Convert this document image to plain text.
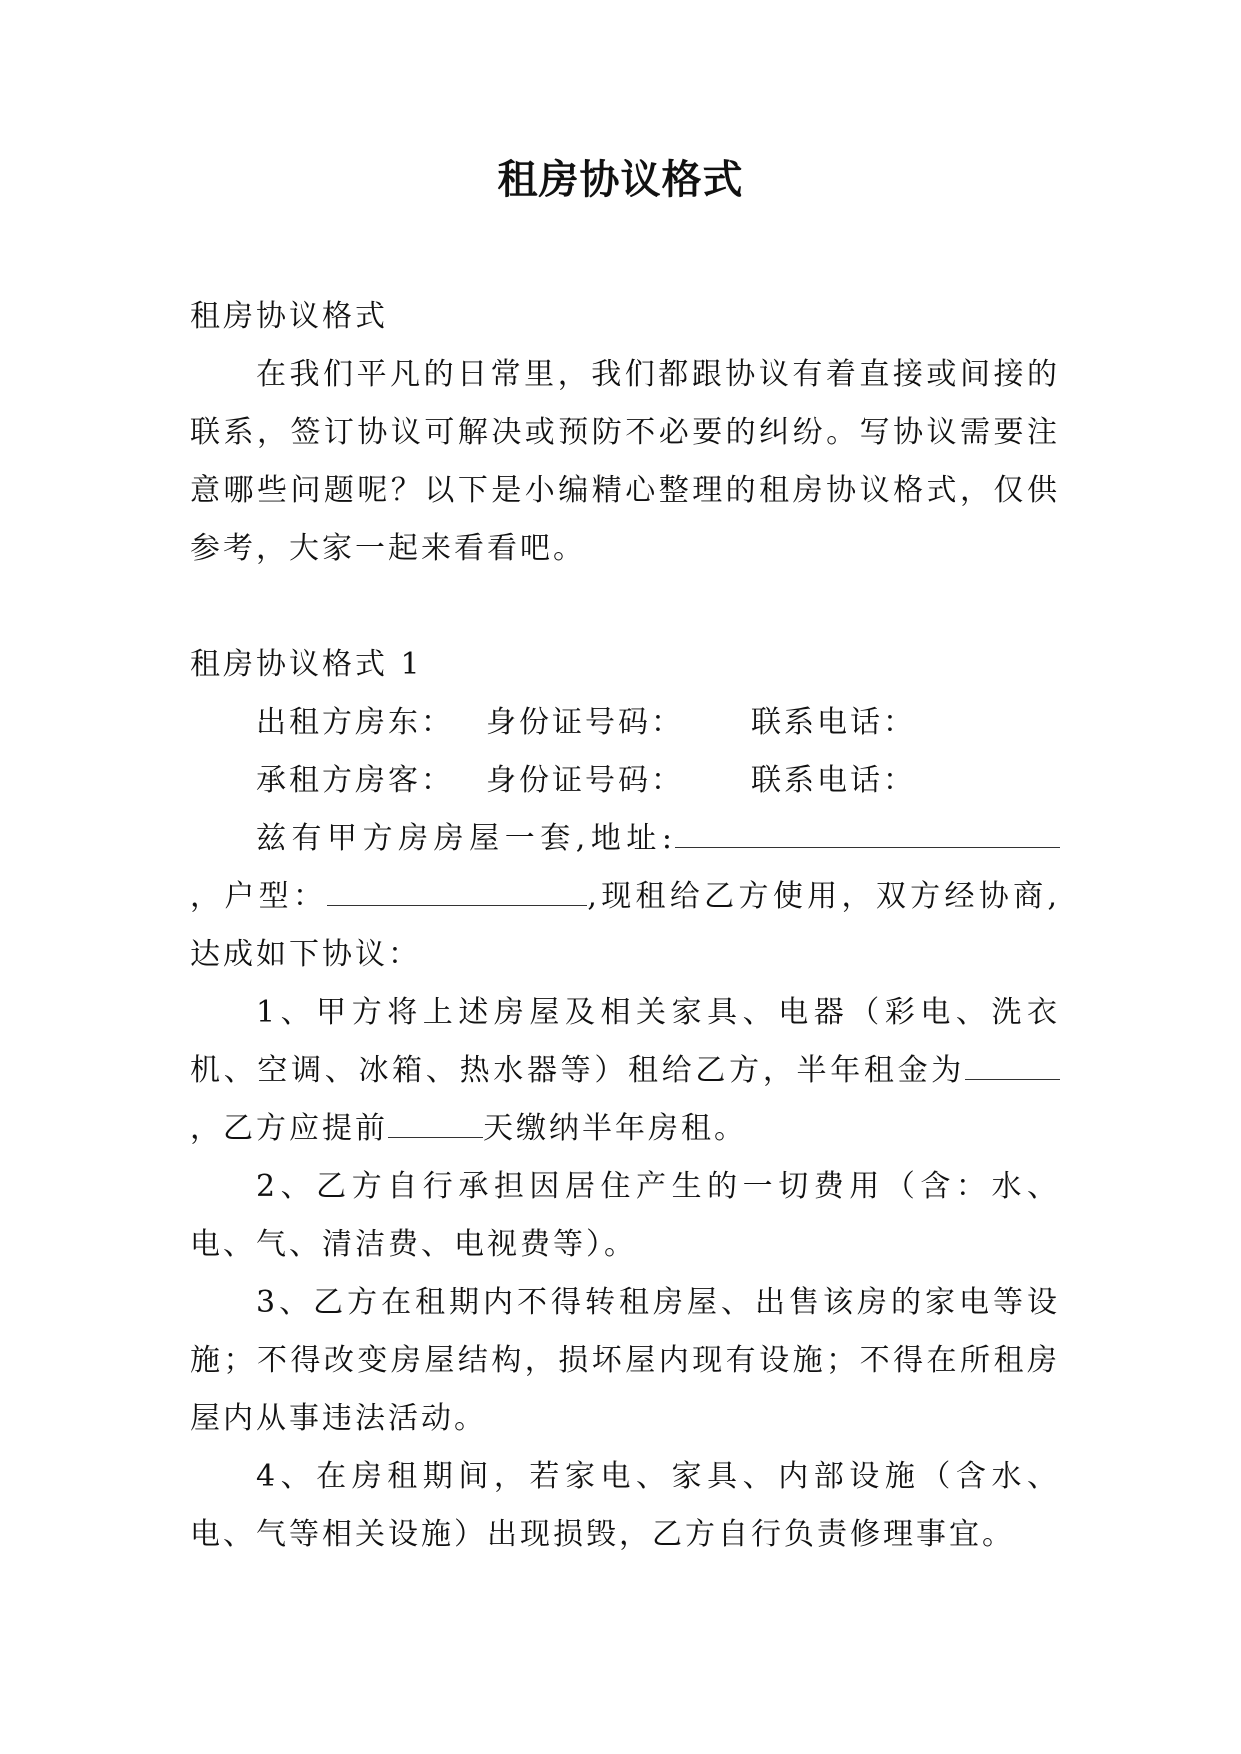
租房协议格式

租房协议格式

在我们平凡的日常里，我们都跟协议有着直接或间接的联系，签订协议可解决或预防不必要的纠纷。写协议需要注意哪些问题呢？以下是小编精心整理的租房协议格式，仅供参考，大家一起来看看吧。

租房协议格式 1

出租方房东：	身份证号码：	联系电话：
承租方房客：	身份证号码：	联系电话：

兹有甲方房房屋一套,地址:，户型：	,现租给乙方使用，双方经协商,达成如下协议：

1、甲方将上述房屋及相关家具、电器（彩电、洗衣机、空调、冰箱、热水器等）租给乙方，半年租金为，乙方应提前	天缴纳半年房租。

2、乙方自行承担因居住产生的一切费用（含：水、电、气、清洁费、电视费等）。

3、乙方在租期内不得转租房屋、出售该房的家电等设施；不得改变房屋结构，损坏屋内现有设施；不得在所租房屋内从事违法活动。

4、在房租期间，若家电、家具、内部设施（含水、电、气等相关设施）出现损毁，乙方自行负责修理事宜。
